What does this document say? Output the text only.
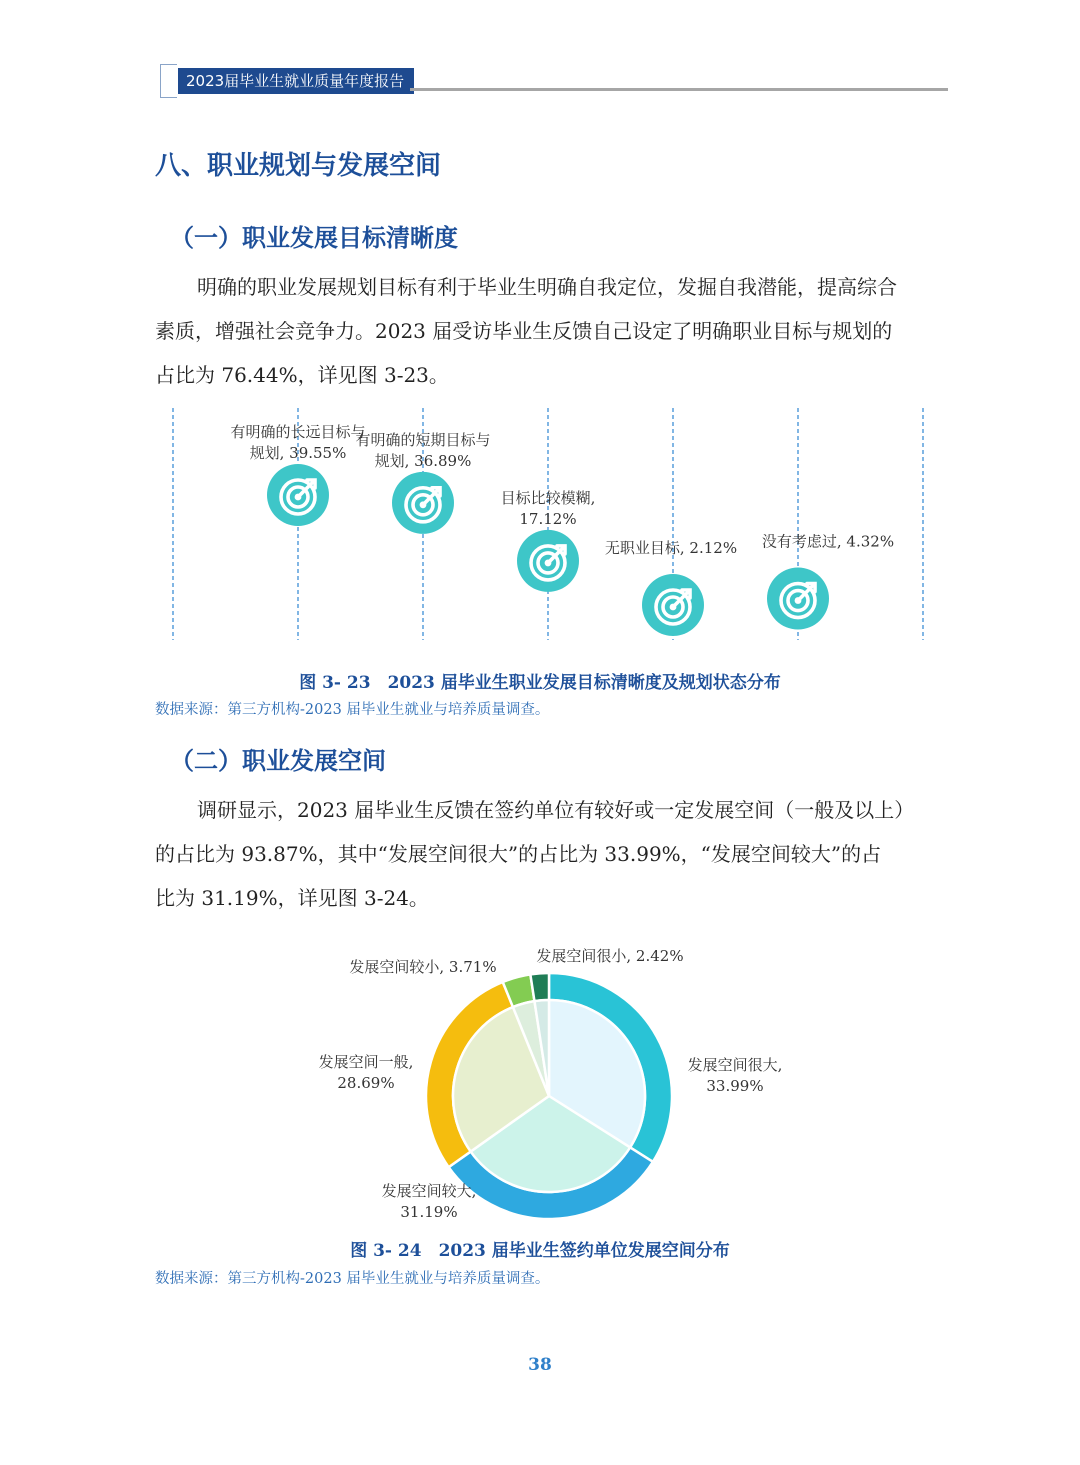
2023届毕业生就业质量年度报告
八、职业规划与发展空间
（一）职业发展目标清晰度

明确的职业发展规划目标有利于毕业生明确自我定位，发掘自我潜能，提高综合

素质，增强社会竞争力。2023 届受访毕业生反馈自己设定了明确职业目标与规划的

占比为 76.44%，详见图 3-23。

有明确的长远目标与
规划, 39.55%
有明确的短期目标与
规划, 36.89%
目标比较模糊,
17.12%
无职业目标, 2.12% 没有考虑过, 4.32%
图 3- 23　2023 届毕业生职业发展目标清晰度及规划状态分布
数据来源：第三方机构-2023 届毕业生就业与培养质量调查。
（二）职业发展空间

调研显示，2023 届毕业生反馈在签约单位有较好或一定发展空间（一般及以上）

的占比为 93.87%，其中“发展空间很大”的占比为 33.99%，“发展空间较大”的占

比为 31.19%，详见图 3-24。

发展空间很大,
33.99%
发展空间较大,
31.19%
发展空间一般,
28.69%
发展空间较小, 3.71%
发展空间很小, 2.42%
图 3- 24　2023 届毕业生签约单位发展空间分布
数据来源：第三方机构-2023 届毕业生就业与培养质量调查。
38
